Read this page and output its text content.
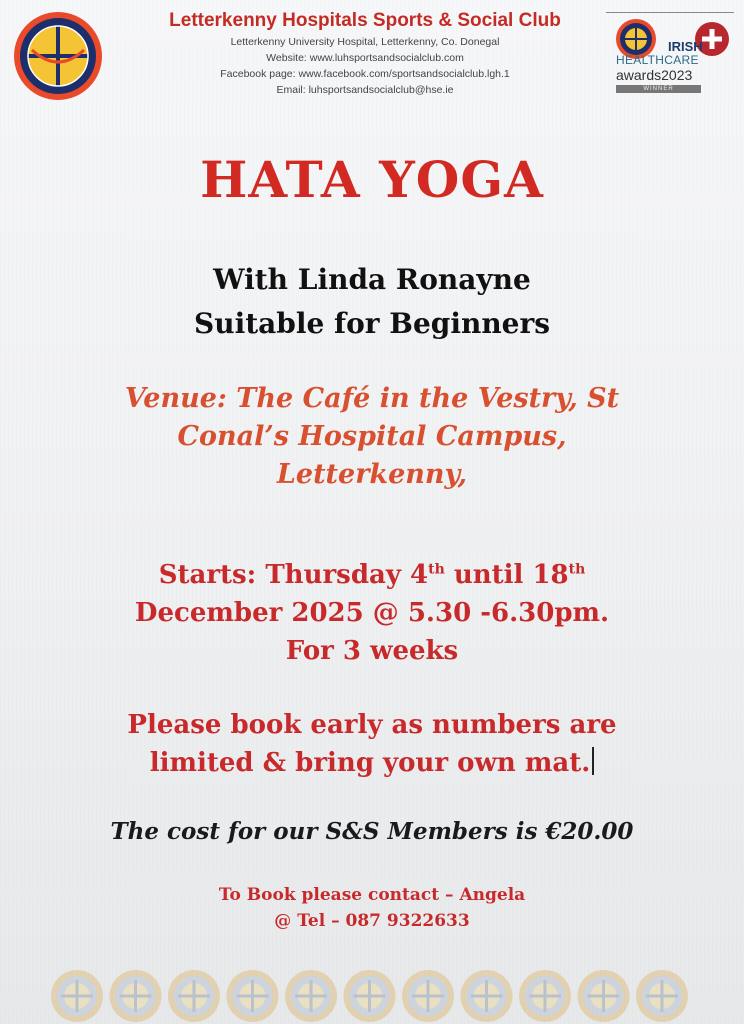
Letterkenny Hospitals Sports & Social Club
Letterkenny University Hospital, Letterkenny, Co. Donegal
Website: www.luhsportsandsocialclub.com
Facebook page: www.facebook.com/sportsandsocialclub.lgh.1
Email: luhsportsandsocialclub@hse.ie
IRISH
HEALTHCARE
awards2023
WINNER
HATA YOGA
With Linda Ronayne
Suitable for Beginners
Venue: The Café in the Vestry, St
Conal’s Hospital Campus,
Letterkenny,
Starts: Thursday 4th until 18th
December 2025 @ 5.30 -6.30pm.
For 3 weeks
Please book early as numbers are
limited & bring your own mat.
The cost for our S&S Members is €20.00
To Book please contact – Angela
@ Tel – 087 9322633
